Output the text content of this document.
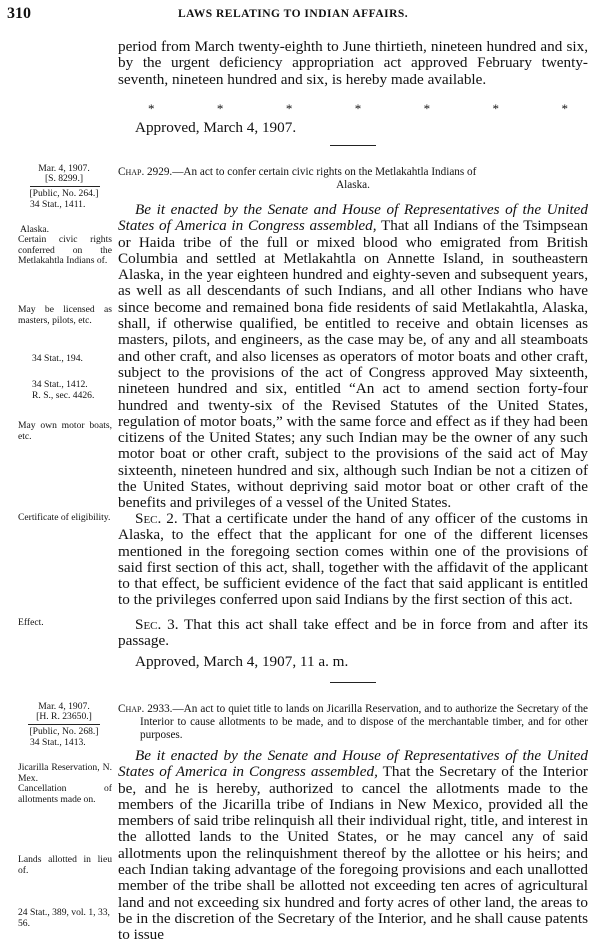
310	LAWS RELATING TO INDIAN AFFAIRS.
period from March twenty-eighth to June thirtieth, nineteen hundred and six, by the urgent deficiency appropriation act approved February twenty-seventh, nineteen hundred and six, is hereby made available.
*	*	*	*	*	*	*
Approved, March 4, 1907.
Mar. 4, 1907.
[S. 8299.]
[Public, No. 264.]
34 Stat., 1411.
Alaska.
Certain civic rights conferred on the Metlakahtla Indians of.
May be licensed as masters, pilots, etc.
34 Stat., 194.
34 Stat., 1412.
R. S., sec. 4426.
May own motor boats, etc.
Certificate of eligibility.
Effect.
Chap. 2929.—An act to confer certain civic rights on the Metlakahtla Indians of
Alaska.
Be it enacted by the Senate and House of Representatives of the United States of America in Congress assembled, That all Indians of the Tsimpsean or Haida tribe of the full or mixed blood who emigrated from British Columbia and settled at Metlakahtla on Annette Island, in southeastern Alaska, in the year eighteen hundred and eighty-seven and subsequent years, as well as all descendants of such Indians, and all other Indians who have since become and remained bona fide residents of said Metlakahtla, Alaska, shall, if otherwise qualified, be entitled to receive and obtain licenses as masters, pilots, and engineers, as the case may be, of any and all steamboats and other craft, and also licenses as operators of motor boats and other craft, subject to the provisions of the act of Congress approved May sixteenth, nineteen hundred and six, entitled “An act to amend section forty-four hundred and twenty-six of the Revised Statutes of the United States, regulation of motor boats,” with the same force and effect as if they had been citizens of the United States; any such Indian may be the owner of any such motor boat or other craft, subject to the provisions of the said act of May sixteenth, nineteen hundred and six, although such Indian be not a citizen of the United States, without depriving said motor boat or other craft of the benefits and privileges of a vessel of the United States.
Sec. 2. That a certificate under the hand of any officer of the customs in Alaska, to the effect that the applicant for one of the different licenses mentioned in the foregoing section comes within one of the provisions of said first section of this act, shall, together with the affidavit of the applicant to that effect, be sufficient evidence of the fact that said applicant is entitled to the privileges conferred upon said Indians by the first section of this act.
Sec. 3. That this act shall take effect and be in force from and after its passage.
Approved, March 4, 1907, 11 a. m.
Mar. 4, 1907.
[H. R. 23650.]
[Public, No. 268.]
34 Stat., 1413.
Jicarilla Reservation, N. Mex.
Cancellation of allotments made on.
Lands allotted in lieu of.
24 Stat., 389, vol. 1, 33, 56.
Chap. 2933.—An act to quiet title to lands on Jicarilla Reservation, and to authorize the Secretary of the Interior to cause allotments to be made, and to dispose of the merchantable timber, and for other purposes.
Be it enacted by the Senate and House of Representatives of the United States of America in Congress assembled, That the Secretary of the Interior be, and he is hereby, authorized to cancel the allotments made to the members of the Jicarilla tribe of Indians in New Mexico, provided all the members of said tribe relinquish all their individual right, title, and interest in the allotted lands to the United States, or he may cancel any of said allotments upon the relinquishment thereof by the allottee or his heirs; and each Indian taking advantage of the foregoing provisions and each unallotted member of the tribe shall be allotted not exceeding ten acres of agricultural land and not exceeding six hundred and forty acres of other land, the areas to be in the discretion of the Secretary of the Interior, and he shall cause patents to issue
